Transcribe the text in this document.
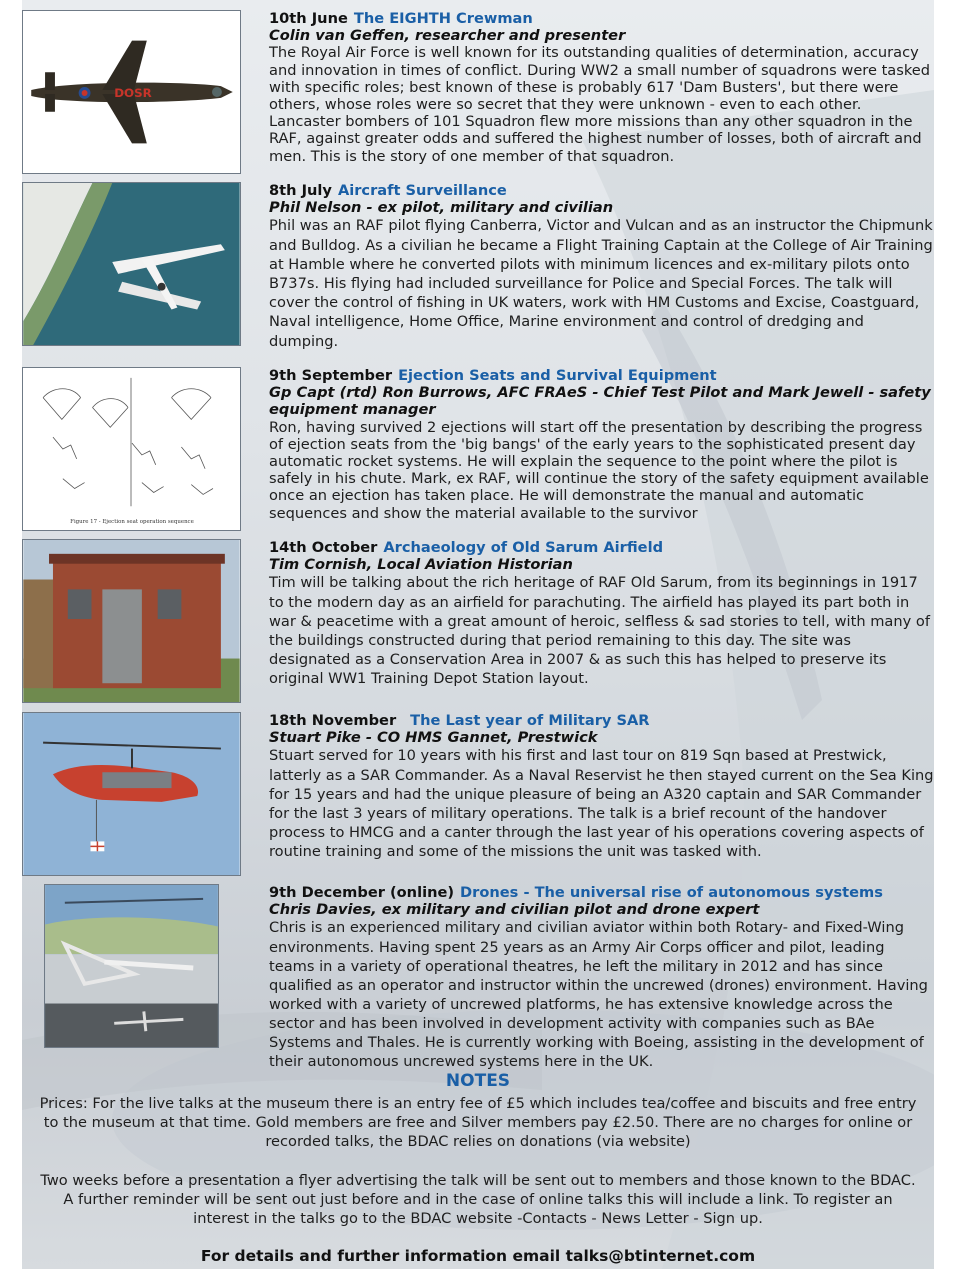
DOSR
10th June The EIGHTH Crewman
Colin van Geffen, researcher and presenter

The Royal Air Force is well known for its outstanding qualities of determination, accuracy and innovation in times of conflict. During WW2 a small number of squadrons were tasked with specific roles; best known of these is probably 617 'Dam Busters', but there were others, whose roles were so secret that they were unknown - even to each other. Lancaster bombers of 101 Squadron flew more missions than any other squadron in the RAF, against greater odds and suffered the highest number of losses, both of aircraft and men. This is the story of one member of that squadron.

8th July Aircraft Surveillance
Phil Nelson - ex pilot, military and civilian

Phil was an RAF pilot flying Canberra, Victor and Vulcan and as an instructor the Chipmunk and Bulldog. As a civilian he became a Flight Training Captain at the College of Air Training at Hamble where he converted pilots with minimum licences and ex-military pilots onto B737s. His flying had included surveillance for Police and Special Forces. The talk will cover the control of fishing in UK waters, work with HM Customs and Excise, Coastguard, Naval intelligence, Home Office, Marine environment and control of dredging and dumping.

Figure 17 - Ejection seat operation sequence
9th September Ejection Seats and Survival Equipment
Gp Capt (rtd) Ron Burrows, AFC FRAeS - Chief Test Pilot and Mark Jewell - safety equipment manager

Ron, having survived 2 ejections will start off the presentation by describing the progress of ejection seats from the 'big bangs' of the early years to the sophisticated present day automatic rocket systems. He will explain the sequence to the point where the pilot is safely in his chute. Mark, ex RAF, will continue the story of the safety equipment available once an ejection has taken place. He will demonstrate the manual and automatic sequences and show the material available to the survivor

14th October Archaeology of Old Sarum Airfield
Tim Cornish, Local Aviation Historian

Tim will be talking about the rich heritage of RAF Old Sarum, from its beginnings in 1917 to the modern day as an airfield for parachuting. The airfield has played its part both in war & peacetime with a great amount of heroic, selfless & sad stories to tell, with many of the buildings constructed during that period remaining to this day. The site was designated as a Conservation Area in 2007 & as such this has helped to preserve its original WW1 Training Depot Station layout.

18th November The Last year of Military SAR
Stuart Pike - CO HMS Gannet, Prestwick

Stuart served for 10 years with his first and last tour on 819 Sqn based at Prestwick, latterly as a SAR Commander. As a Naval Reservist he then stayed current on the Sea King for 15 years and had the unique pleasure of being an A320 captain and SAR Commander for the last 3 years of military operations. The talk is a brief recount of the handover process to HMCG and a canter through the last year of his operations covering aspects of routine training and some of the missions the unit was tasked with.

9th December (online) Drones - The universal rise of autonomous systems
Chris Davies, ex military and civilian pilot and drone expert

Chris is an experienced military and civilian aviator within both Rotary- and Fixed-Wing environments. Having spent 25 years as an Army Air Corps officer and pilot, leading teams in a variety of operational theatres, he left the military in 2012 and has since qualified as an operator and instructor within the uncrewed (drones) environment. Having worked with a variety of uncrewed platforms, he has extensive knowledge across the sector and has been involved in development activity with companies such as BAe Systems and Thales. He is currently working with Boeing, assisting in the development of their autonomous uncrewed systems here in the UK.

NOTES

Prices: For the live talks at the museum there is an entry fee of £5 which includes tea/coffee and biscuits and free entry to the museum at that time. Gold members are free and Silver members pay £2.50. There are no charges for online or recorded talks, the BDAC relies on donations (via website)

Two weeks before a presentation a flyer advertising the talk will be sent out to members and those known to the BDAC. A further reminder will be sent out just before and in the case of online talks this will include a link. To register an interest in the talks go to the BDAC website -Contacts - News Letter - Sign up.

For details and further information email talks@btinternet.com
